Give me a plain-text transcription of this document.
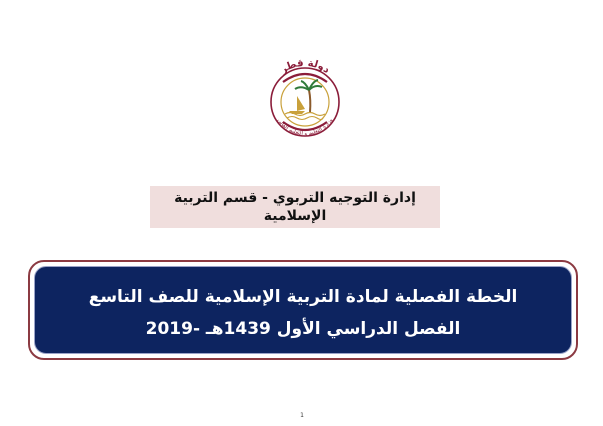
دولة قطر
وزارة التعليم و التعليم العالي
إدارة التوجيه التربوي - قسم التربية الإسلامية
الخطة الفصلية لمادة التربية الإسلامية للصف التاسع
الفصل الدراسي الأول 1439هـ -2019
1
